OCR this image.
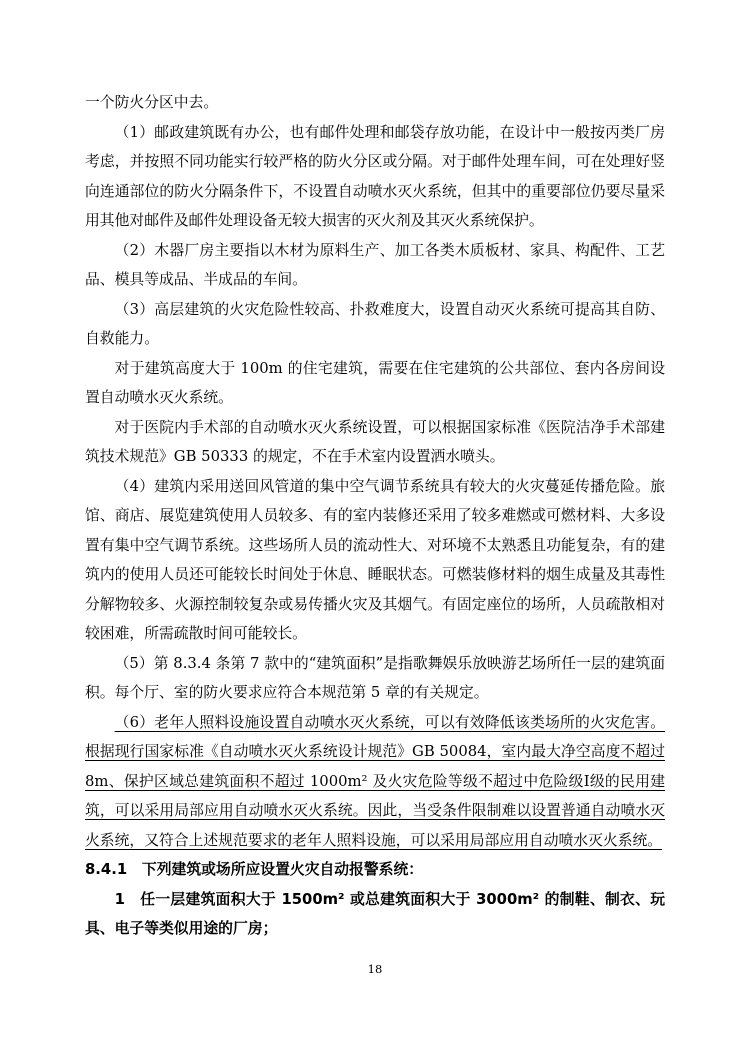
一个防火分区中去。

（1）邮政建筑既有办公，也有邮件处理和邮袋存放功能，在设计中一般按丙类厂房考虑，并按照不同功能实行较严格的防火分区或分隔。对于邮件处理车间，可在处理好竖向连通部位的防火分隔条件下，不设置自动喷水灭火系统，但其中的重要部位仍要尽量采用其他对邮件及邮件处理设备无较大损害的灭火剂及其灭火系统保护。

（2）木器厂房主要指以木材为原料生产、加工各类木质板材、家具、构配件、工艺品、模具等成品、半成品的车间。

（3）高层建筑的火灾危险性较高、扑救难度大，设置自动灭火系统可提高其自防、自救能力。

对于建筑高度大于 100m 的住宅建筑，需要在住宅建筑的公共部位、套内各房间设置自动喷水灭火系统。

对于医院内手术部的自动喷水灭火系统设置，可以根据国家标准《医院洁净手术部建筑技术规范》GB 50333 的规定，不在手术室内设置洒水喷头。

（4）建筑内采用送回风管道的集中空气调节系统具有较大的火灾蔓延传播危险。旅馆、商店、展览建筑使用人员较多、有的室内装修还采用了较多难燃或可燃材料、大多设置有集中空气调节系统。这些场所人员的流动性大、对环境不太熟悉且功能复杂，有的建筑内的使用人员还可能较长时间处于休息、睡眠状态。可燃装修材料的烟生成量及其毒性分解物较多、火源控制较复杂或易传播火灾及其烟气。有固定座位的场所，人员疏散相对较困难，所需疏散时间可能较长。

（5）第 8.3.4 条第 7 款中的“建筑面积”是指歌舞娱乐放映游艺场所任一层的建筑面积。每个厅、室的防火要求应符合本规范第 5 章的有关规定。

（6）老年人照料设施设置自动喷水灭火系统，可以有效降低该类场所的火灾危害。根据现行国家标准《自动喷水灭火系统设计规范》GB 50084，室内最大净空高度不超过 8m、保护区域总建筑面积不超过 1000m² 及火灾危险等级不超过中危险级Ⅰ级的民用建筑，可以采用局部应用自动喷水灭火系统。因此，当受条件限制难以设置普通自动喷水灭火系统，又符合上述规范要求的老年人照料设施，可以采用局部应用自动喷水灭火系统。

8.4.1　下列建筑或场所应设置火灾自动报警系统：

1　任一层建筑面积大于 1500m² 或总建筑面积大于 3000m² 的制鞋、制衣、玩具、电子等类似用途的厂房；

18
